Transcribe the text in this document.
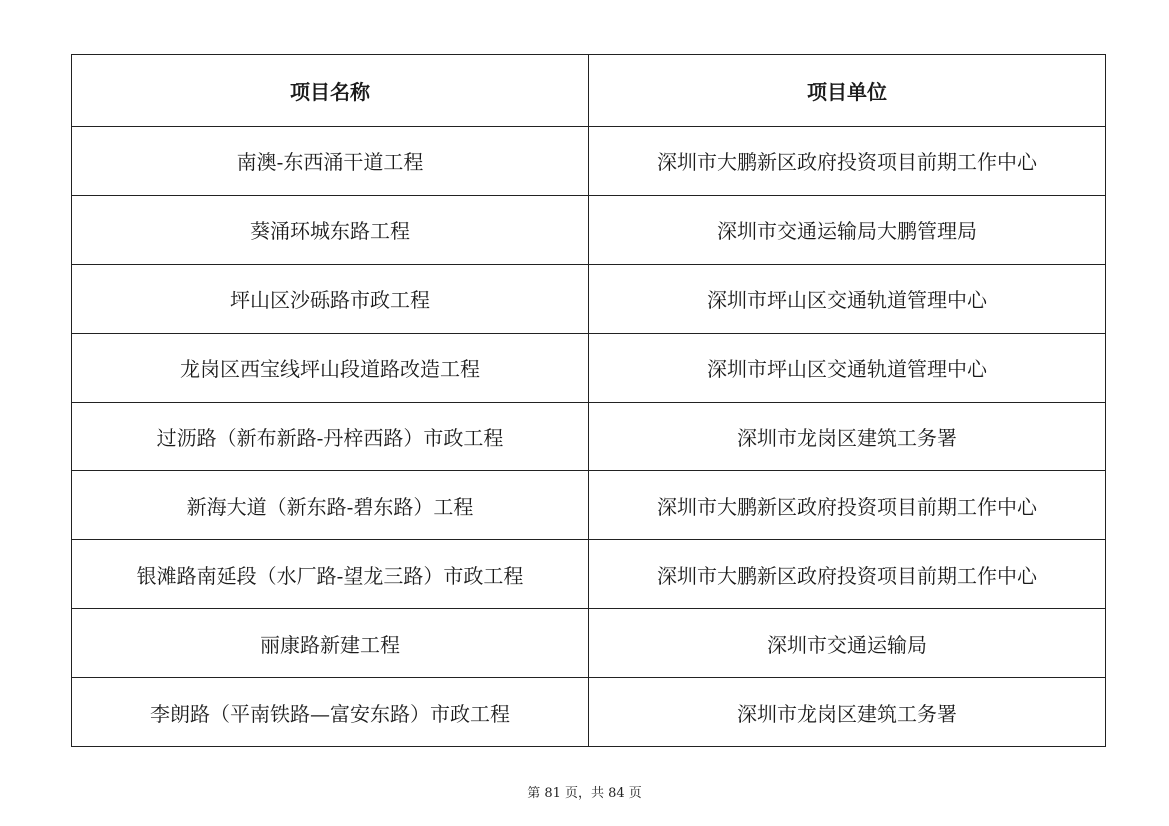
项目名称	项目单位
南澳-东西涌干道工程	深圳市大鹏新区政府投资项目前期工作中心
葵涌环城东路工程	深圳市交通运输局大鹏管理局
坪山区沙砾路市政工程	深圳市坪山区交通轨道管理中心
龙岗区西宝线坪山段道路改造工程	深圳市坪山区交通轨道管理中心
过沥路（新布新路-丹梓西路）市政工程	深圳市龙岗区建筑工务署
新海大道（新东路-碧东路）工程	深圳市大鹏新区政府投资项目前期工作中心
银滩路南延段（水厂路-望龙三路）市政工程	深圳市大鹏新区政府投资项目前期工作中心
丽康路新建工程	深圳市交通运输局
李朗路（平南铁路—富安东路）市政工程	深圳市龙岗区建筑工务署
第 81 页，共 84 页
